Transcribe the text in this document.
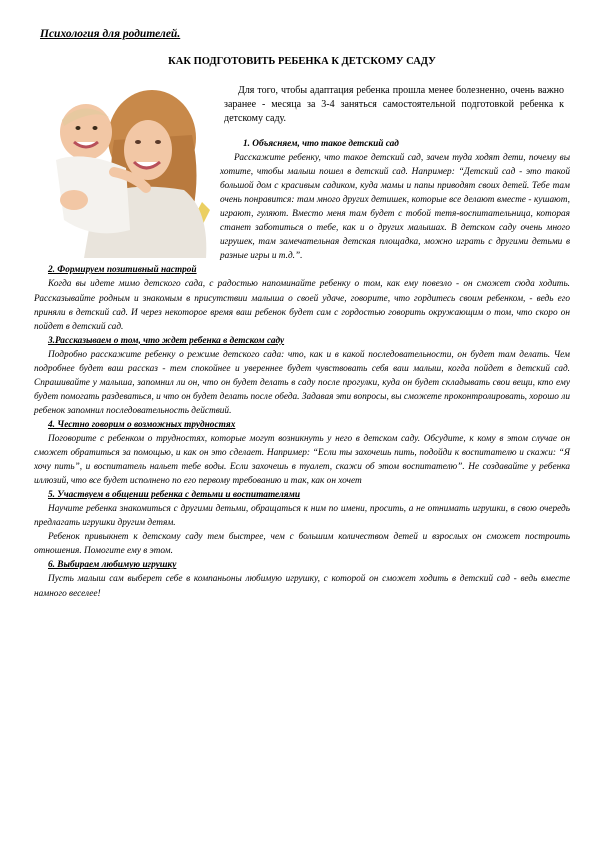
Психология для родителей.
КАК ПОДГОТОВИТЬ РЕБЕНКА К ДЕТСКОМУ САДУ
Для того, чтобы адаптация ребенка прошла менее болезненно, очень важно заранее - месяца за 3-4 заняться самостоятельной подготовкой ребенка к детскому саду.

1. Объясняем, что такое детский сад

Расскажите ребенку, что такое детский сад, зачем туда ходят дети, почему вы хотите, чтобы малыш пошел в детский сад. Например: “Детский сад - это такой большой дом с красивым садиком, куда мамы и папы приводят своих детей. Тебе там очень понравится: там много других детишек, которые все делают вместе - кушают, играют, гуляют. Вместо меня там будет с тобой тетя-воспитательница, которая станет заботиться о тебе, как и о других малышах. В детском саду очень много игрушек, там замечательная детская площадка, можно играть с другими детьми в разные игры и т.д.”.

2. Формируем позитивный настрой

Когда вы идете мимо детского сада, с радостью напоминайте ребенку о том, как ему повезло - он сможет сюда ходить. Рассказывайте родным и знакомым в присутствии малыша о своей удаче, говорите, что гордитесь своим ребенком, - ведь его приняли в детский сад. И через некоторое время ваш ребенок будет сам с гордостью говорить окружающим о том, что скоро он пойдет в детский сад.

3.Рассказываем о том, что ждет ребенка в детском саду

Подробно расскажите ребенку о режиме детского сада: что, как и в какой последовательности, он будет там делать. Чем подробнее будет ваш рассказ - тем спокойнее и увереннее будет чувствовать себя ваш малыш, когда пойдет в детский сад. Спрашивайте у малыша, запомнил ли он, что он будет делать в саду после прогулки, куда он будет складывать свои вещи, кто ему будет помогать раздеваться, и что он будет делать после обеда. Задавая эти вопросы, вы сможете проконтролировать, хорошо ли ребенок запомнил последовательность действий.

4. Честно говорим о возможных трудностях

Поговорите с ребенком о трудностях, которые могут возникнуть у него в детском саду. Обсудите, к кому в этом случае он сможет обратиться за помощью, и как он это сделает. Например: “Если ты захочешь пить, подойди к воспитателю и скажи: “Я хочу пить”, и воспитатель нальет тебе воды. Если захочешь в туалет, скажи об этом воспитателю”. Не создавайте у ребенка иллюзий, что все будет исполнено по его первому требованию и так, как он хочет

5. Участвуем в общении ребенка с детьми и воспитателями

Научите ребенка знакомиться с другими детьми, обращаться к ним по имени, просить, а не отнимать игрушки, в свою очередь предлагать игрушки другим детям.

Ребенок привыкнет к детскому саду тем быстрее, чем с большим количеством детей и взрослых он сможет построить отношения. Помогите ему в этом.

6. Выбираем любимую игрушку

Пусть малыш сам выберет себе в компаньоны любимую игрушку, с которой он сможет ходить в детский сад - ведь вместе намного веселее!
